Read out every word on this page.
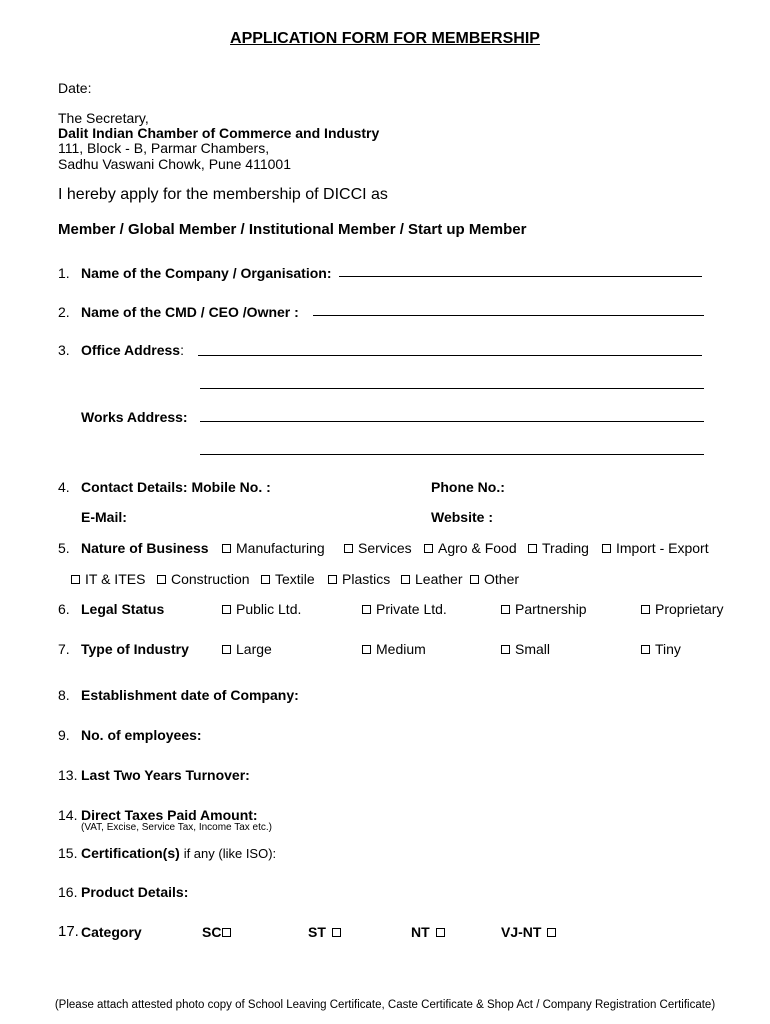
APPLICATION FORM FOR MEMBERSHIP
Date:
The Secretary,
Dalit Indian Chamber of Commerce and Industry
111, Block - B, Parmar Chambers,
Sadhu Vaswani Chowk, Pune 411001
I hereby apply for the membership of DICCI as
Member / Global Member / Institutional Member / Start up Member
1. Name of the Company / Organisation:
2. Name of the CMD / CEO /Owner :
3. Office Address:
Works Address:
4. Contact Details: Mobile No. :	Phone No.:
E-Mail:	Website :
5. Nature of Business	Manufacturing	Services	Agro & Food	Trading	Import - Export
IT & ITES	Construction	Textile	Plastics	Leather	Other
6. Legal Status	Public Ltd.	Private Ltd.	Partnership	Proprietary
7. Type of Industry	Large	Medium	Small	Tiny
8. Establishment date of Company:
9. No. of employees:
13. Last Two Years Turnover:
14. Direct Taxes Paid Amount:
(VAT, Excise, Service Tax, Income Tax etc.)
15. Certification(s) if any (like ISO):
16. Product Details:
17. Category	SC	ST	NT	VJ-NT
(Please attach attested photo copy of School Leaving Certificate, Caste Certificate & Shop Act / Company Registration Certificate)
